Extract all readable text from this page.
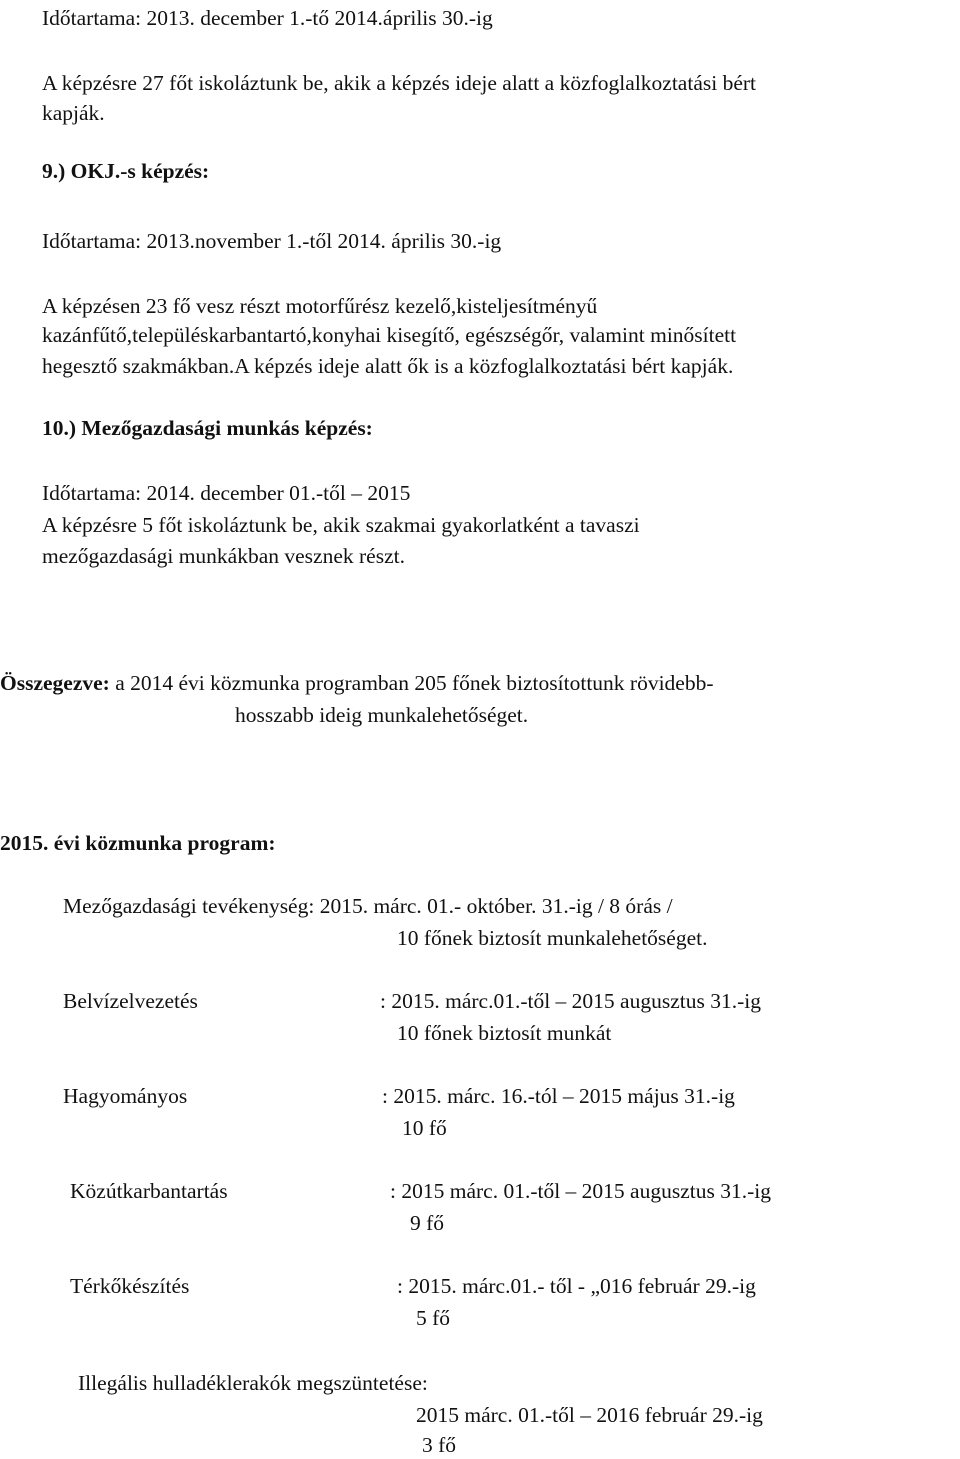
Időtartama: 2013. december 1.-tő 2014.április 30.-ig
A képzésre 27 főt iskoláztunk be, akik a képzés ideje alatt a közfoglalkoztatási bért
kapják.
9.) OKJ.-s képzés:
Időtartama: 2013.november 1.-től 2014. április 30.-ig
A képzésen 23 fő vesz részt motorfűrész kezelő,kisteljesítményű
kazánfűtő,településkarbantartó,konyhai kisegítő, egészségőr, valamint minősített
hegesztő szakmákban.A képzés ideje alatt ők is a közfoglalkoztatási bért kapják.
10.) Mezőgazdasági munkás képzés:
Időtartama: 2014. december 01.-től – 2015
A képzésre 5 főt iskoláztunk be, akik szakmai gyakorlatként a tavaszi
mezőgazdasági munkákban vesznek részt.
Összegezve: a 2014 évi közmunka programban 205 főnek biztosítottunk rövidebb-
hosszabb ideig munkalehetőséget.
2015. évi közmunka program:
Mezőgazdasági tevékenység: 2015. márc. 01.- október. 31.-ig / 8 órás /
10 főnek biztosít munkalehetőséget.
Belvízelvezetés	: 2015. márc.01.-től – 2015 augusztus 31.-ig
10 főnek biztosít munkát
Hagyományos	: 2015. márc. 16.-tól – 2015 május 31.-ig
10 fő
Közútkarbantartás	: 2015 márc. 01.-től – 2015 augusztus 31.-ig
9 fő
Térkőkészítés	: 2015. márc.01.- től - „016 február 29.-ig
5 fő
Illegális hulladéklerakók megszüntetése:
2015 márc. 01.-től – 2016 február 29.-ig
3 fő
